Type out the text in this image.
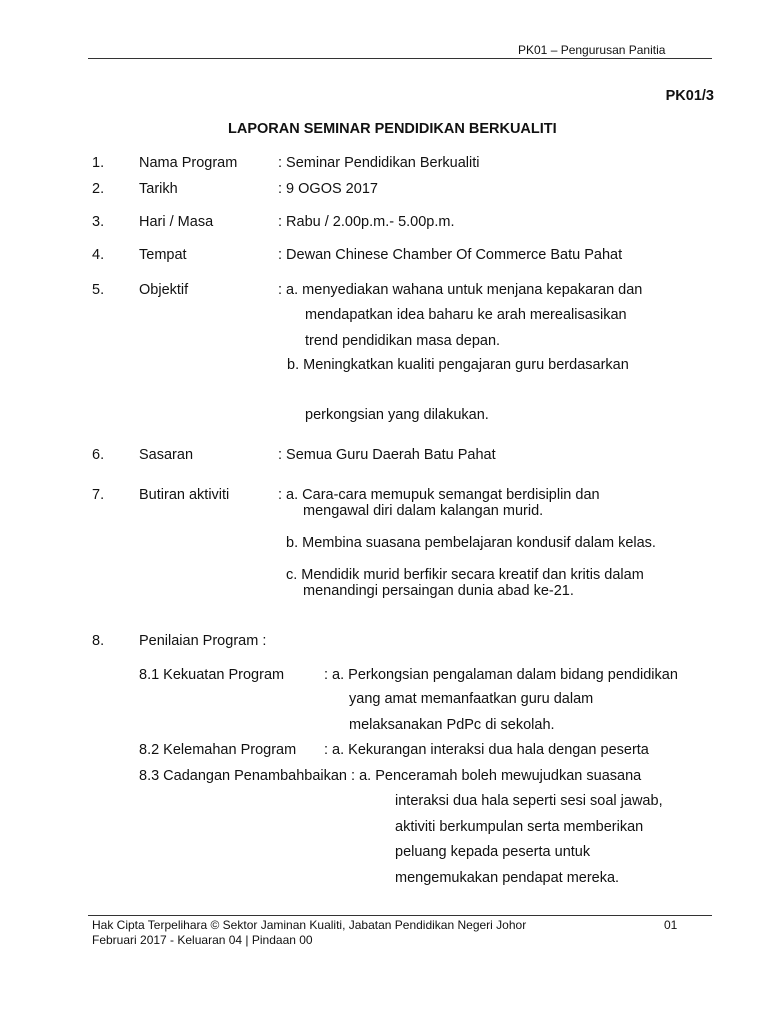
PK01 – Pengurusan Panitia
PK01/3
LAPORAN SEMINAR PENDIDIKAN BERKUALITI
1. Nama Program	: Seminar Pendidikan Berkualiti
2. Tarikh	: 9 OGOS 2017
3. Hari / Masa	: Rabu / 2.00p.m.- 5.00p.m.
4. Tempat	: Dewan Chinese Chamber Of Commerce Batu Pahat
5. Objektif	: a. menyediakan wahana untuk menjana kepakaran dan
mendapatkan idea baharu ke arah merealisasikan
trend pendidikan masa depan.
b. Meningkatkan kualiti pengajaran guru berdasarkan
perkongsian yang dilakukan.
6. Sasaran	: Semua Guru Daerah Batu Pahat
7. Butiran aktiviti	: a. Cara-cara memupuk semangat berdisiplin dan
mengawal diri dalam kalangan murid.
b. Membina suasana pembelajaran kondusif dalam kelas.
c. Mendidik murid berfikir secara kreatif dan kritis dalam
menandingi persaingan dunia abad ke-21.
8. Penilaian Program :
8.1 Kekuatan Program	: a. Perkongsian pengalaman dalam bidang pendidikan
yang amat memanfaatkan guru dalam
melaksanakan PdPc di sekolah.
8.2 Kelemahan Program : a. Kekurangan interaksi dua hala dengan peserta
8.3 Cadangan Penambahbaikan : a. Penceramah boleh mewujudkan suasana
interaksi dua hala seperti sesi soal jawab,
aktiviti berkumpulan serta memberikan
peluang kepada peserta untuk
mengemukakan pendapat mereka.
Hak Cipta Terpelihara © Sektor Jaminan Kualiti, Jabatan Pendidikan Negeri Johor	01
Februari 2017 - Keluaran 04 | Pindaan 00
